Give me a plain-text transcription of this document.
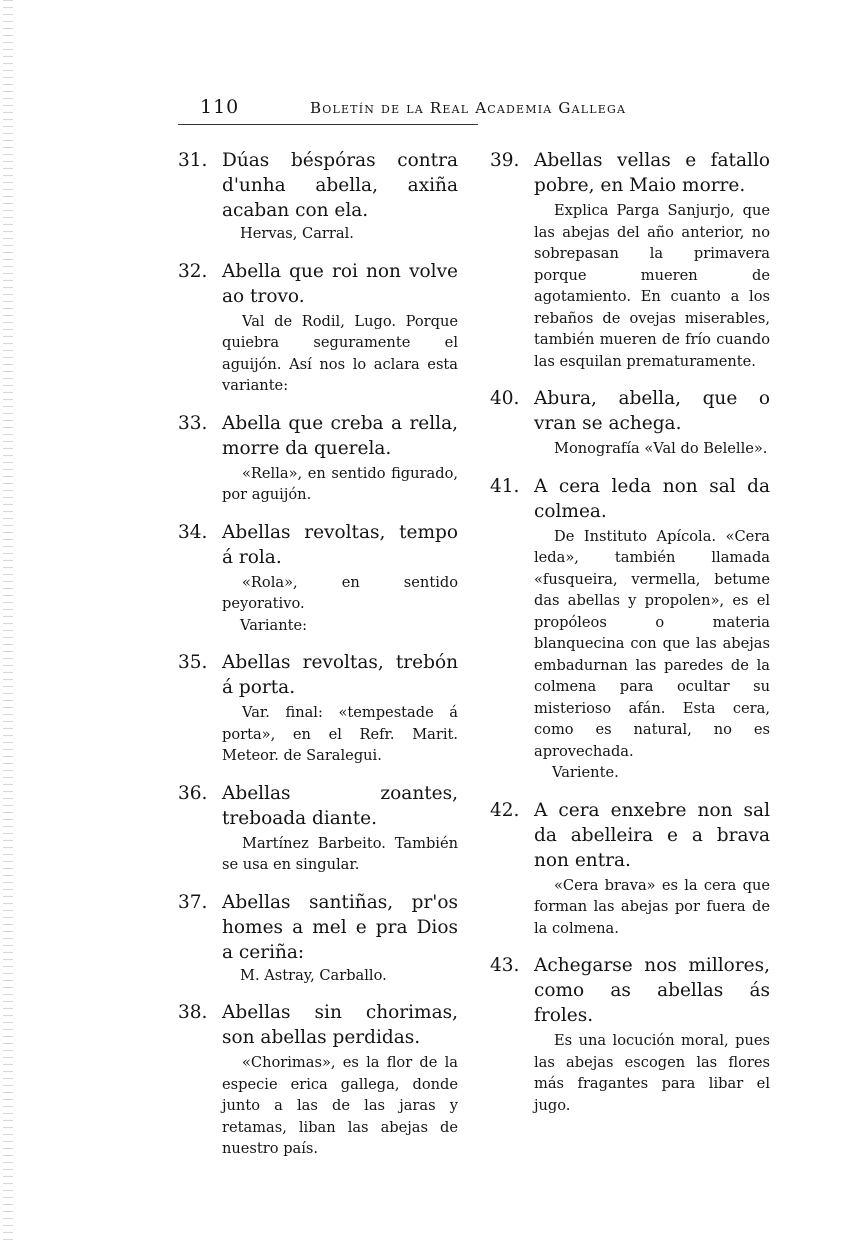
110	Boletín de la Real Academia Gallega

31. Dúas béspóras contra d'unha abella, axiña acaban con ela.

Hervas, Carral.

32. Abella que roi non volve ao trovo.

Val de Rodil, Lugo. Porque quiebra seguramente el aguijón. Así nos lo aclara esta variante:

33. Abella que creba a rella, morre da querela.

«Rella», en sentido figurado, por aguijón.

34. Abellas revoltas, tempo á rola.

«Rola», en sentido peyorativo.
Variante:

35. Abellas revoltas, trebón á porta.

Var. final: «tempestade á porta», en el Refr. Marit. Meteor. de Saralegui.

36. Abellas zoantes, treboada diante.

Martínez Barbeito. También se usa en singular.

37. Abellas santiñas, pr'os homes a mel e pra Dios a ceriña:

M. Astray, Carballo.

38. Abellas sin chorimas, son abellas perdidas.

«Chorimas», es la flor de la especie erica gallega, donde junto a las de las jaras y retamas, liban las abejas de nuestro país.

39. Abellas vellas e fatallo pobre, en Maio morre.

Explica Parga Sanjurjo, que las abejas del año anterior, no sobrepasan la primavera porque mueren de agotamiento. En cuanto a los rebaños de ovejas miserables, también mueren de frío cuando las esquilan prematuramente.

40. Abura, abella, que o vran se achega.

Monografía «Val do Belelle».

41. A cera leda non sal da colmea.

De Instituto Apícola. «Cera leda», también llamada «fusqueira, vermella, betume das abellas y propolen», es el propóleos o materia blanquecina con que las abejas embadurnan las paredes de la colmena para ocultar su misterioso afán. Esta cera, como es natural, no es aprovechada.
Variente.

42. A cera enxebre non sal da abelleira e a brava non entra.

«Cera brava» es la cera que forman las abejas por fuera de la colmena.

43. Achegarse nos millores, como as abellas ás froles.

Es una locución moral, pues las abejas escogen las flores más fragantes para libar el jugo.
